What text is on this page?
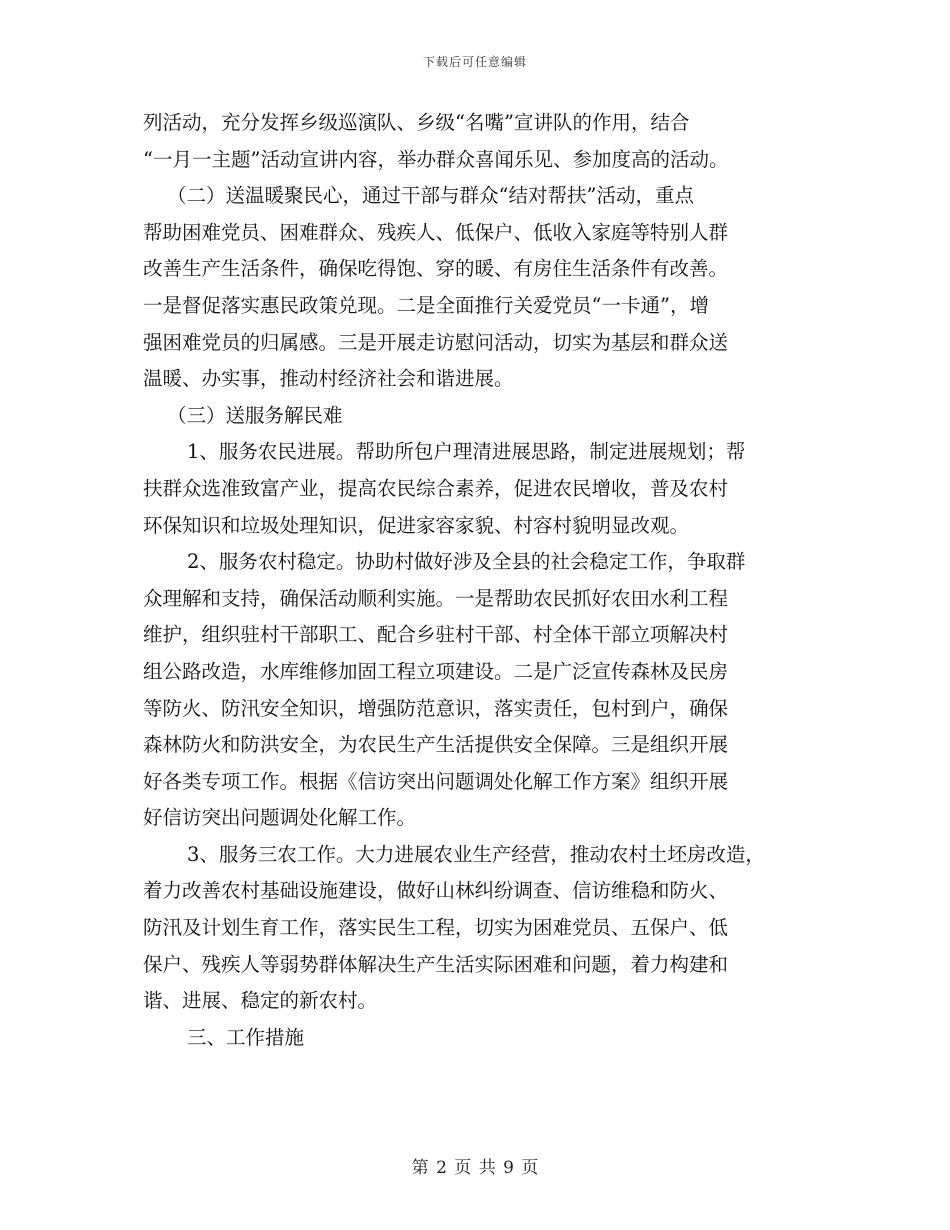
下载后可任意编辑
列活动，充分发挥乡级巡演队、乡级“名嘴”宣讲队的作用，结合
“一月一主题”活动宣讲内容，举办群众喜闻乐见、参加度高的活动。
（二）送温暖聚民心，通过干部与群众“结对帮扶”活动，重点
帮助困难党员、困难群众、残疾人、低保户、低收入家庭等特别人群
改善生产生活条件，确保吃得饱、穿的暖、有房住生活条件有改善。
一是督促落实惠民政策兑现。二是全面推行关爱党员“一卡通”，增
强困难党员的归属感。三是开展走访慰问活动，切实为基层和群众送
温暖、办实事，推动村经济社会和谐进展。
（三）送服务解民难
1、服务农民进展。帮助所包户理清进展思路，制定进展规划；帮
扶群众选准致富产业，提高农民综合素养，促进农民增收，普及农村
环保知识和垃圾处理知识，促进家容家貌、村容村貌明显改观。
2、服务农村稳定。协助村做好涉及全县的社会稳定工作，争取群
众理解和支持，确保活动顺利实施。一是帮助农民抓好农田水利工程
维护，组织驻村干部职工、配合乡驻村干部、村全体干部立项解决村
组公路改造，水库维修加固工程立项建设。二是广泛宣传森林及民房
等防火、防汛安全知识，增强防范意识，落实责任，包村到户，确保
森林防火和防洪安全，为农民生产生活提供安全保障。三是组织开展
好各类专项工作。根据《信访突出问题调处化解工作方案》组织开展
好信访突出问题调处化解工作。
3、服务三农工作。大力进展农业生产经营，推动农村土坯房改造，
着力改善农村基础设施建设，做好山林纠纷调查、信访维稳和防火、
防汛及计划生育工作，落实民生工程，切实为困难党员、五保户、低
保户、残疾人等弱势群体解决生产生活实际困难和问题，着力构建和
谐、进展、稳定的新农村。
三、工作措施
第 2 页 共 9 页
